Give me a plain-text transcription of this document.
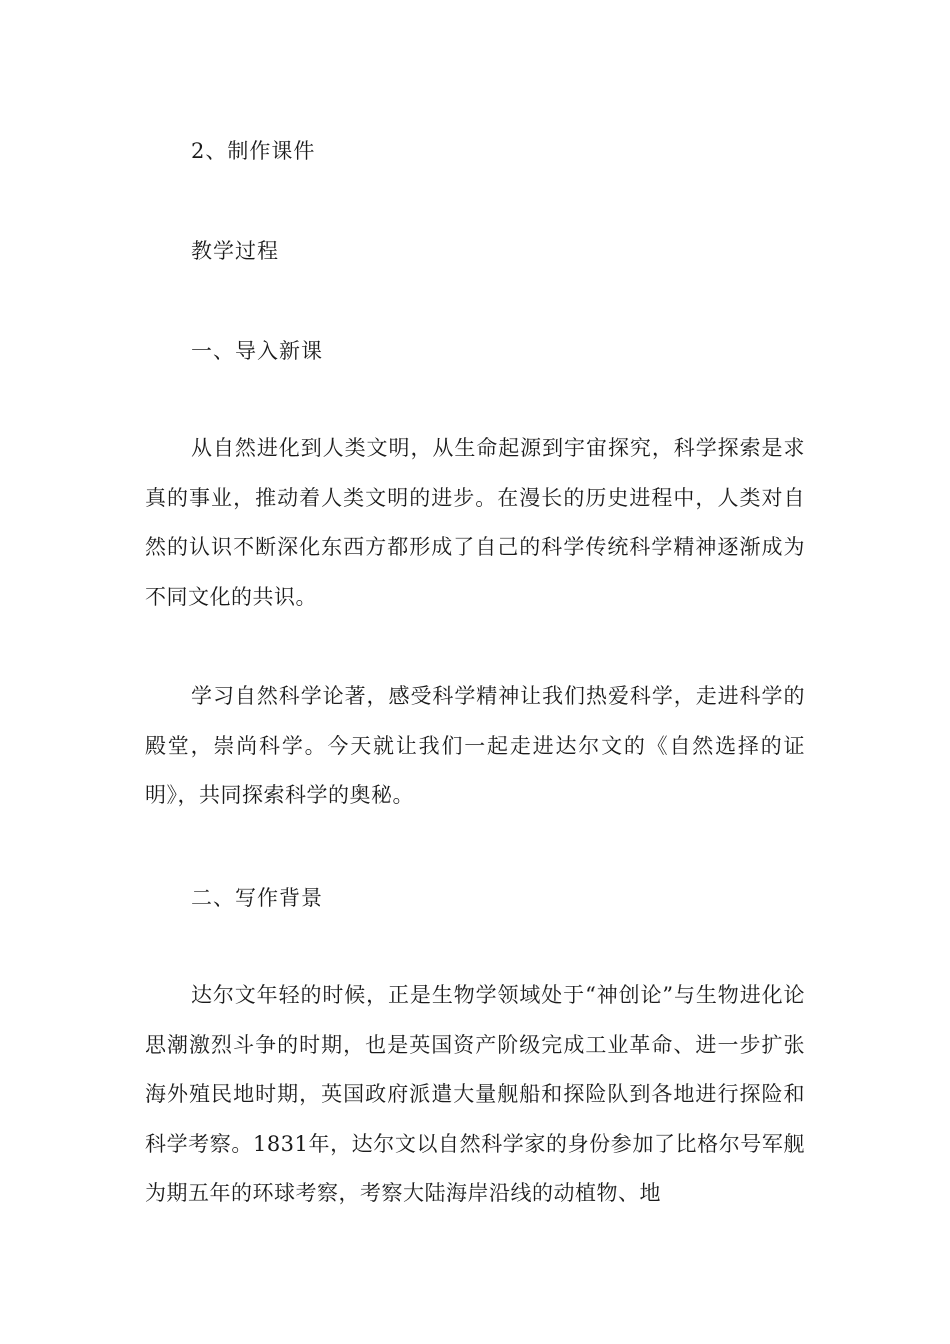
2、制作课件
教学过程
一、导入新课

从自然进化到人类文明，从生命起源到宇宙探究，科学探索是求真的事业，推动着人类文明的进步。在漫长的历史进程中，人类对自然的认识不断深化东西方都形成了自己的科学传统科学精神逐渐成为不同文化的共识。

学习自然科学论著，感受科学精神让我们热爱科学，走进科学的殿堂，崇尚科学。今天就让我们一起走进达尔文的《自然选择的证明》，共同探索科学的奥秘。

二、写作背景

达尔文年轻的时候，正是生物学领域处于“神创论”与生物进化论思潮激烈斗争的时期，也是英国资产阶级完成工业革命、进一步扩张海外殖民地时期，英国政府派遣大量舰船和探险队到各地进行探险和科学考察。1831年，达尔文以自然科学家的身份参加了比格尔号军舰为期五年的环球考察，考察大陆海岸沿线的动植物、地
